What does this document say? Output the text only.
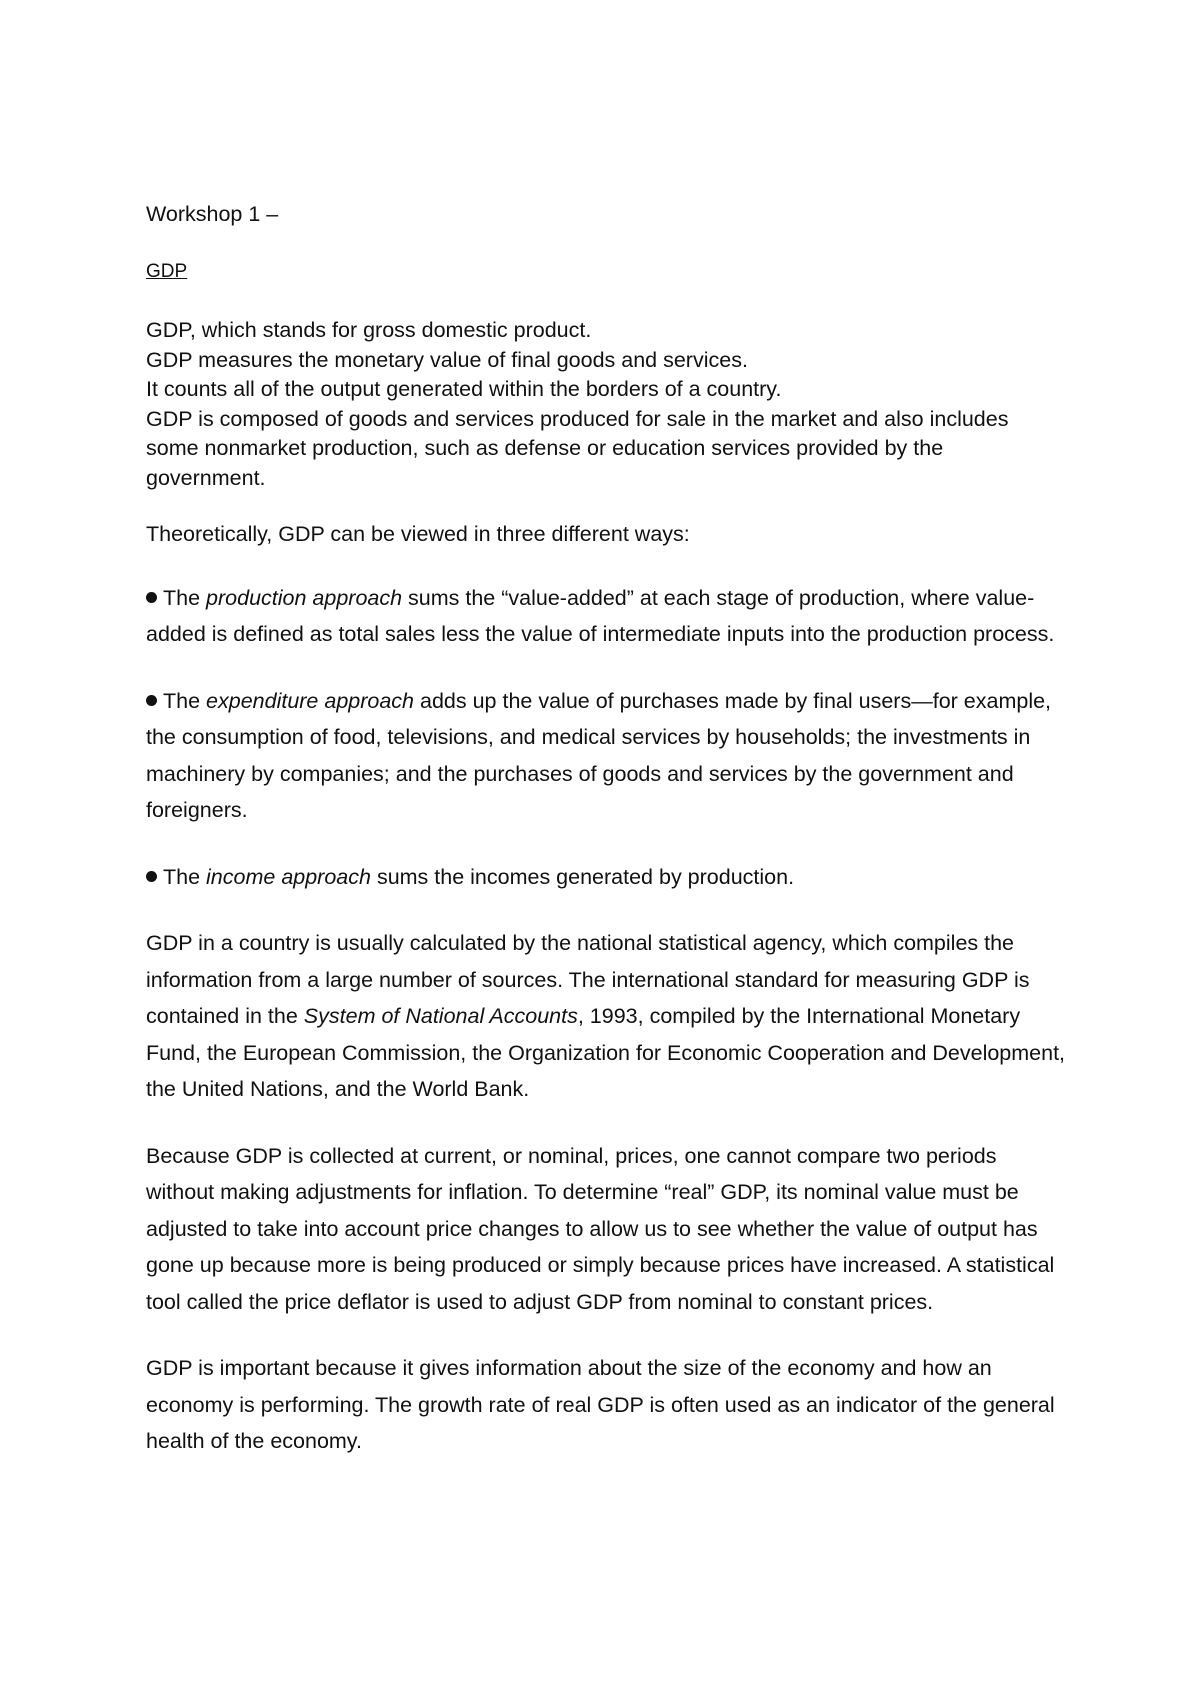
Workshop 1 –

GDP

GDP, which stands for gross domestic product.
GDP measures the monetary value of final goods and services.
It counts all of the output generated within the borders of a country.
GDP is composed of goods and services produced for sale in the market and also includes some nonmarket production, such as defense or education services provided by the government.

Theoretically, GDP can be viewed in three different ways:

The production approach sums the “value-added” at each stage of production, where value-added is defined as total sales less the value of intermediate inputs into the production process.

The expenditure approach adds up the value of purchases made by final users—for example, the consumption of food, televisions, and medical services by households; the investments in machinery by companies; and the purchases of goods and services by the government and foreigners.

The income approach sums the incomes generated by production.

GDP in a country is usually calculated by the national statistical agency, which compiles the information from a large number of sources. The international standard for measuring GDP is contained in the System of National Accounts, 1993, compiled by the International Monetary Fund, the European Commission, the Organization for Economic Cooperation and Development, the United Nations, and the World Bank.

Because GDP is collected at current, or nominal, prices, one cannot compare two periods without making adjustments for inflation. To determine “real” GDP, its nominal value must be adjusted to take into account price changes to allow us to see whether the value of output has gone up because more is being produced or simply because prices have increased. A statistical tool called the price deflator is used to adjust GDP from nominal to constant prices.

GDP is important because it gives information about the size of the economy and how an economy is performing. The growth rate of real GDP is often used as an indicator of the general health of the economy.
